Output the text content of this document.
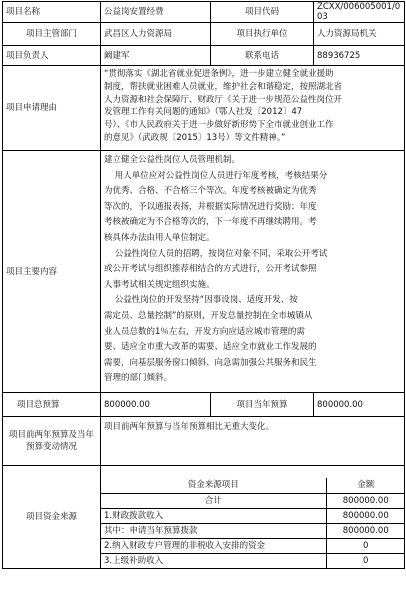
项目名称	公益岗安置经费	项目代码	ZCXX/006005001/003
项目主管部门	武昌区人力资源局	项目执行单位	人力资源局机关
项目负责人	阚建军	联系电话	88936725
项目申请理由	

“贯彻落实《湖北省就业促进条例》，进一步建立健全就业援助

制度，帮扶就业困难人员就业，维护社会和谐稳定，按照湖北省

人力资源和社会保障厅、财政厅《关于进一步规范公益性岗位开

发管理工作有关问题的通知》（鄂人社发〔2012〕47

号）、《市人民政府关于进一步做好新形势下全市就业创业工作

的意见》（武政规〔2015〕13号）等文件精神。”

项目主要内容	

建立健全公益性岗位人员管理机制。

用人单位应对公益性岗位人员进行年度考核，考核结果分

为优秀、合格、不合格三个等次。年度考核被确定为优秀

等次的，予以通报表扬，并根据实际情况进行奖励；年度

考核被确定为不合格等次的，下一年度不再继续聘用。考

核具体办法由用人单位制定。

公益性岗位人员的招聘，按岗位对象不同，采取公开考试

或公开考试与组织推荐相结合的方式进行，公开考试参照

人事考试相关规定组织实施。

公益性岗位的开发坚持“因事设岗、适度开发、按

需定员、总量控制”的原则，开发总量控制在全市城镇从

业人员总数的1％左右，开发方向应适应城市管理的需

要、适应全市重大改革的需要、适应全市就业工作发展的

需要，向基层服务窗口倾斜、向急需加强公共服务和民生

管理的部门倾斜。

项目总预算	800000.00	项目当年预算	800000.00
项目前两年预算及当年预算变动情况	项目前两年预算与当年预算相比无重大变化。
项目资金来源	
资金来源项目	金额
合计	800000.00
1.财政拨款收入	800000.00
其中：申请当年预算拨款	800000.00
2.纳入财政专户管理的非税收入安排的资金	0
3.上级补助收入	0
